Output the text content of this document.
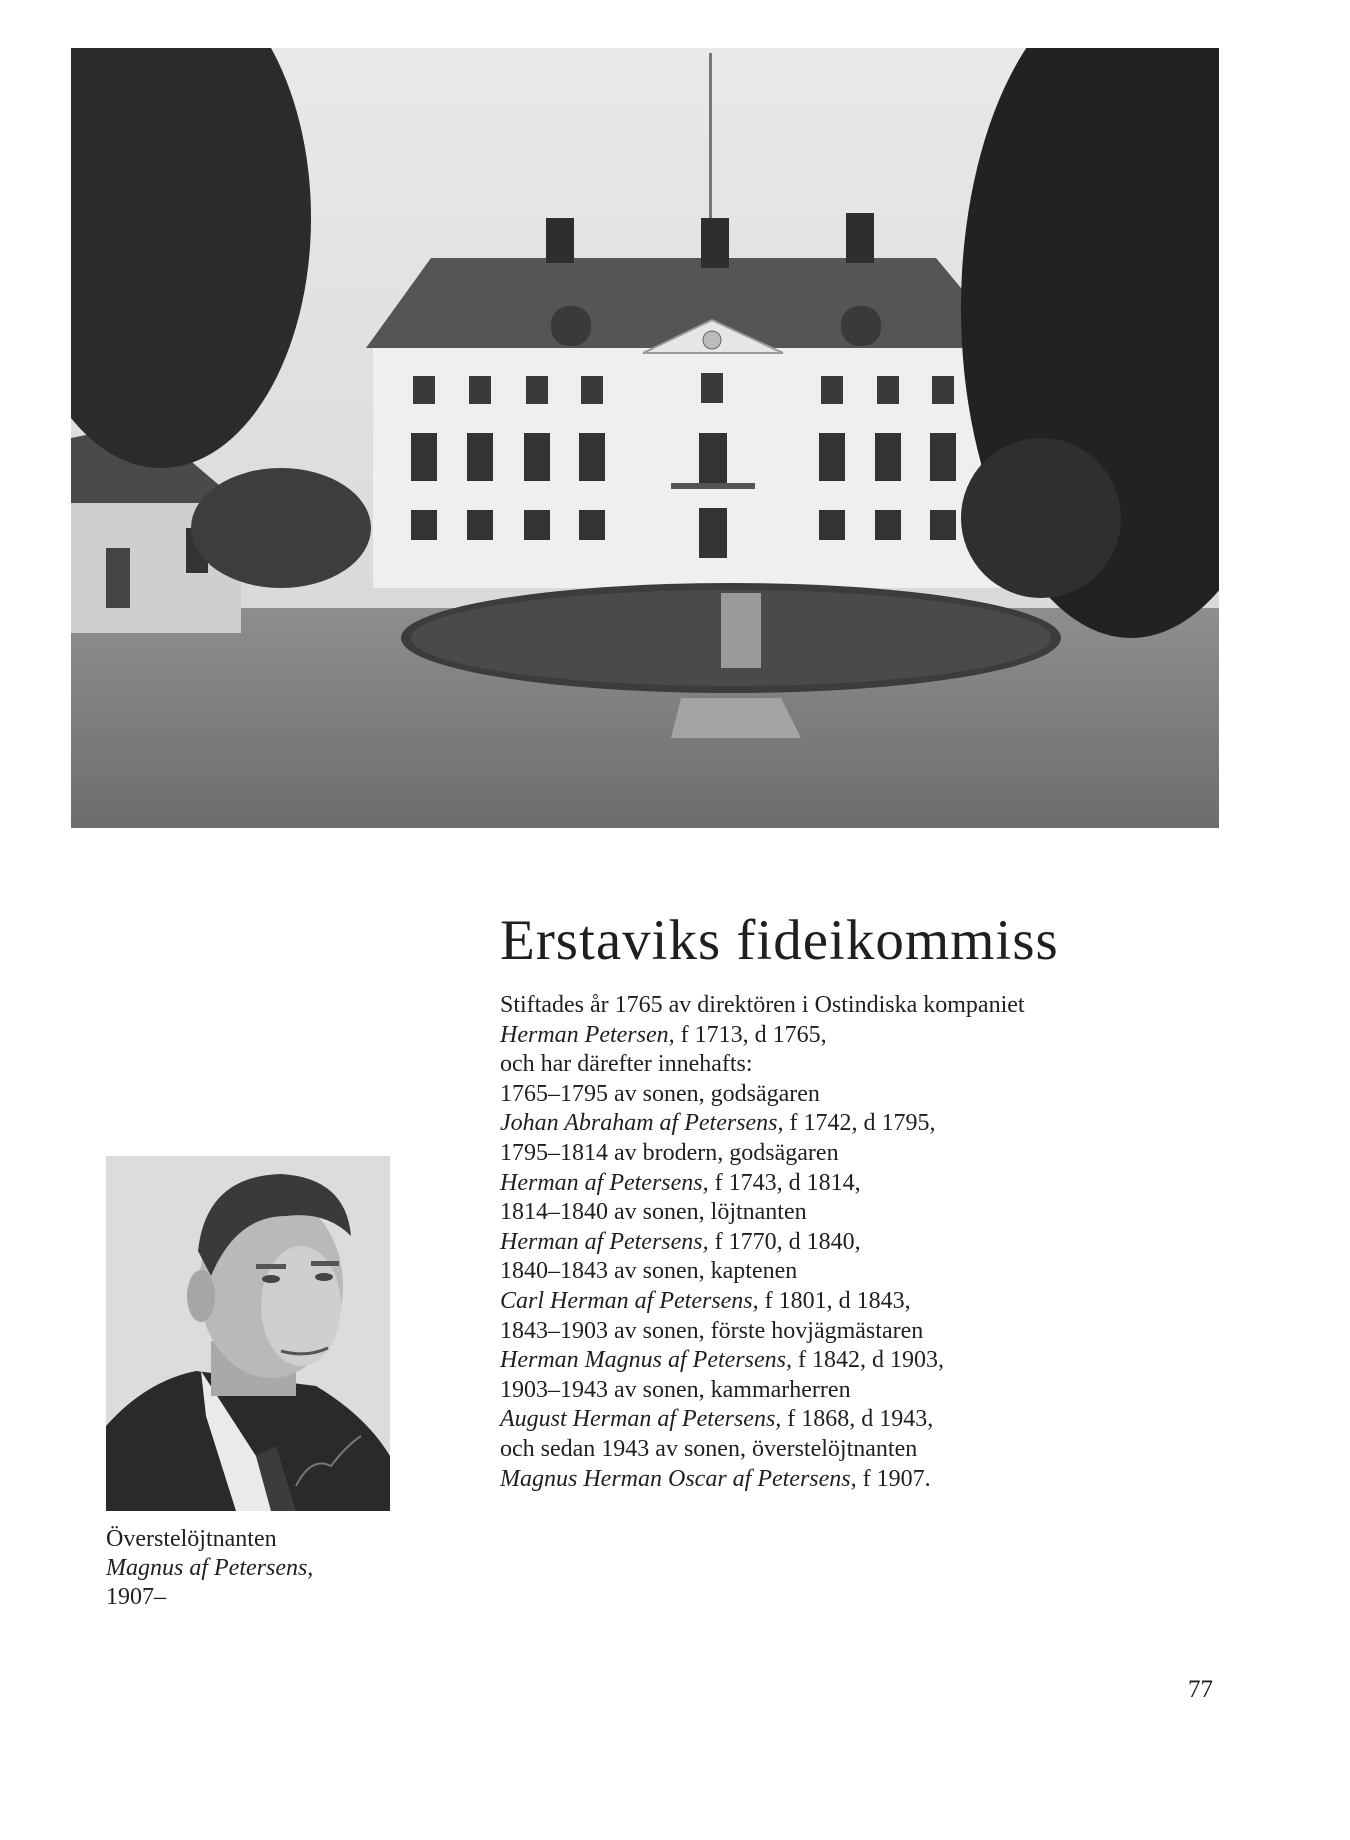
Erstaviks fideikommiss
Stiftades år 1765 av direktören i Ostindiska kompaniet
Herman Petersen, f 1713, d 1765,
och har därefter innehafts:
1765–1795 av sonen, godsägaren
Johan Abraham af Petersens, f 1742, d 1795,
1795–1814 av brodern, godsägaren
Herman af Petersens, f 1743, d 1814,
1814–1840 av sonen, löjtnanten
Herman af Petersens, f 1770, d 1840,
1840–1843 av sonen, kaptenen
Carl Herman af Petersens, f 1801, d 1843,
1843–1903 av sonen, förste hovjägmästaren
Herman Magnus af Petersens, f 1842, d 1903,
1903–1943 av sonen, kammarherren
August Herman af Petersens, f 1868, d 1943,
och sedan 1943 av sonen, överstelöjtnanten
Magnus Herman Oscar af Petersens, f 1907.
Överstelöjtnanten
Magnus af Petersens,
1907–
77
